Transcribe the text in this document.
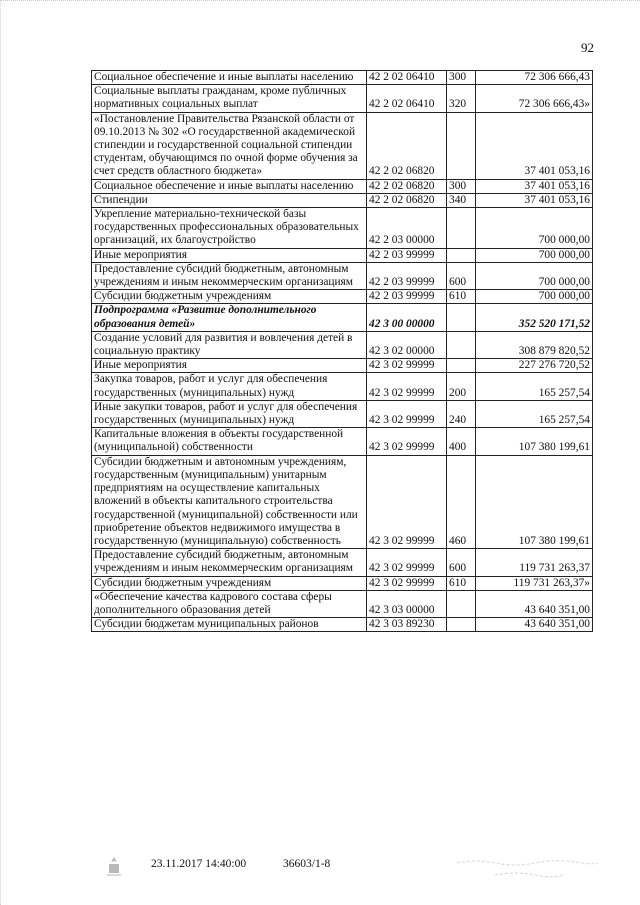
92
Социальное обеспечение и иные выплаты населению	42 2 02 06410	300	72 306 666,43
Социальные выплаты гражданам, кроме публичных нормативных социальных выплат	42 2 02 06410	320	72 306 666,43»
«Постановление Правительства Рязанской области от 09.10.2013 № 302 «О государственной академической стипендии и государственной социальной стипендии студентам, обучающимся по очной форме обучения за счет средств областного бюджета»	42 2 02 06820		37 401 053,16
Социальное обеспечение и иные выплаты населению	42 2 02 06820	300	37 401 053,16
Стипендии	42 2 02 06820	340	37 401 053,16
Укрепление материально-технической базы государственных профессиональных образовательных организаций, их благоустройство	42 2 03 00000		700 000,00
Иные мероприятия	42 2 03 99999		700 000,00
Предоставление субсидий бюджетным, автономным учреждениям и иным некоммерческим организациям	42 2 03 99999	600	700 000,00
Субсидии бюджетным учреждениям	42 2 03 99999	610	700 000,00
Подпрограмма «Развитие дополнительного образования детей»	42 3 00 00000		352 520 171,52
Создание условий для развития и вовлечения детей в социальную практику	42 3 02 00000		308 879 820,52
Иные мероприятия	42 3 02 99999		227 276 720,52
Закупка товаров, работ и услуг для обеспечения государственных (муниципальных) нужд	42 3 02 99999	200	165 257,54
Иные закупки товаров, работ и услуг для обеспечения государственных (муниципальных) нужд	42 3 02 99999	240	165 257,54
Капитальные вложения в объекты государственной (муниципальной) собственности	42 3 02 99999	400	107 380 199,61
Субсидии бюджетным и автономным учреждениям, государственным (муниципальным) унитарным предприятиям на осуществление капитальных вложений в объекты капитального строительства государственной (муниципальной) собственности или приобретение объектов недвижимого имущества в государственную (муниципальную) собственность	42 3 02 99999	460	107 380 199,61
Предоставление субсидий бюджетным, автономным учреждениям и иным некоммерческим организациям	42 3 02 99999	600	119 731 263,37
Субсидии бюджетным учреждениям	42 3 02 99999	610	119 731 263,37»
«Обеспечение качества кадрового состава сферы дополнительного образования детей	42 3 03 00000		43 640 351,00
Субсидии бюджетам муниципальных районов	42 3 03 89230		43 640 351,00
23.11.2017 14:40:00	36603/1-8
